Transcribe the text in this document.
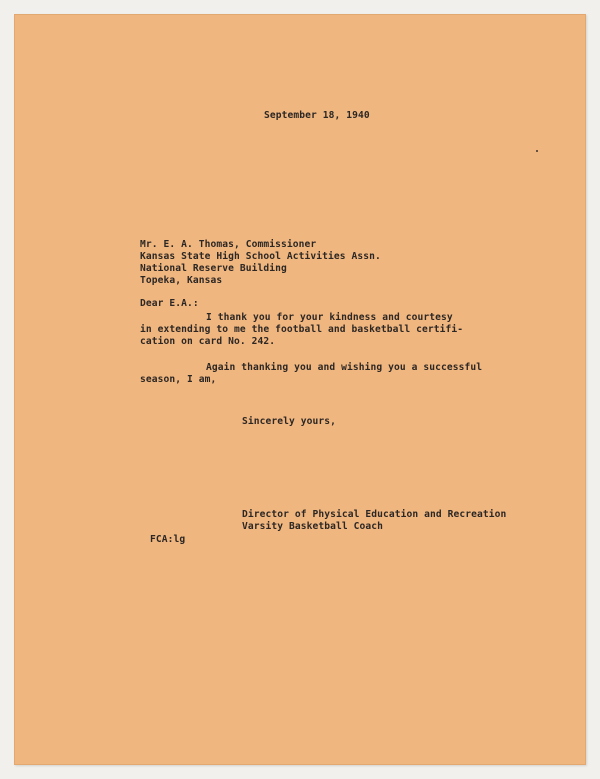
September 18, 1940
Mr. E. A. Thomas, Commissioner
Kansas State High School Activities Assn.
National Reserve Building
Topeka, Kansas
Dear E.A.:
I thank you for your kindness and courtesy
in extending to me the football and basketball certifi-
cation on card No. 242.
Again thanking you and wishing you a successful
season, I am,
Sincerely yours,
Director of Physical Education and Recreation
Varsity Basketball Coach
FCA:lg
